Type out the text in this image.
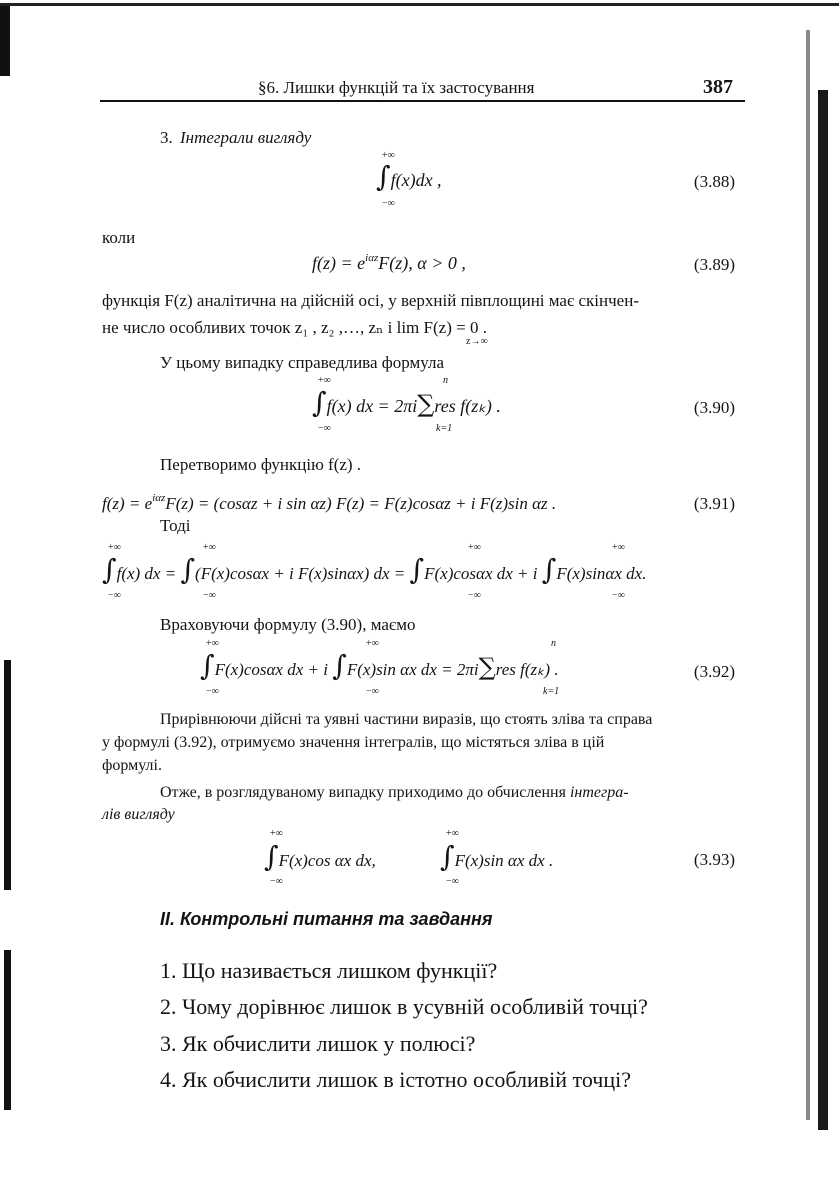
§6. Лишки функцій та їх застосування	387
3. Інтеграли вигляду
+∞
∫f(x)dx ,
−∞
(3.88)
коли
$f(z) = e^{i\alpha z}F(z)$, α > 0 ,	(3.89)
функція F(z) аналітична на дійсній осі, у верхній півплощині має скінчен-
не число особливих точок z₁ , z₂ ,…, zₙ і lim F(z) = 0 .
z→∞
У цьому випадку справедлива формула
+∞	n
∫f(x) dx = 2πi∑res f(zₖ) .
−∞	k=1
(3.90)
Перетворимо функцію f(z) .
$f(z) = e^{i\alpha z}F(z) = (\cos\alpha z + i$ sin αz) F(z) = F(z)cosαz + i F(z)sin αz .	(3.91)
Тоді
+∞	+∞	+∞	+∞
∫f(x) dx = ∫(F(x)cosαx + i F(x)sinαx) dx = ∫F(x)cosαx dx + i ∫F(x)sinαx dx.
−∞	−∞	−∞	−∞
Враховуючи формулу (3.90), маємо
+∞	+∞	n
∫F(x)cosαx dx + i ∫F(x)sin αx dx = 2πi∑res f(zₖ) .
−∞	−∞	k=1
(3.92)
Прирівнюючи дійсні та уявні частини виразів, що стоять зліва та справа
у формулі (3.92), отримуємо значення інтегралів, що містяться зліва в цій
формулі.
Отже, в розглядуваному випадку приходимо до обчислення інтегра-
лів вигляду
+∞	+∞
∫F(x)cos αx dx, ∫F(x)sin αx dx .
−∞	−∞
(3.93)
II. Контрольні питання та завдання
1. Що називається лишком функції?
2. Чому дорівнює лишок в усувній особливій точці?
3. Як обчислити лишок у полюсі?
4. Як обчислити лишок в істотно особливій точці?
